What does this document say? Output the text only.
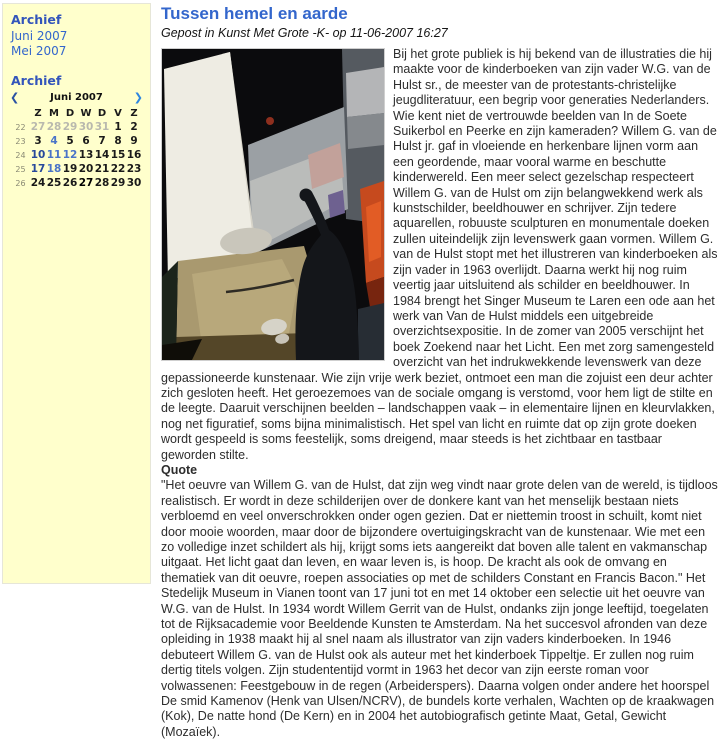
Archief
Juni 2007
Mei 2007
Archief
❮	Juni 2007	❯
Z M D W D V Z
22 27 28 29 30 31 1 2
23 3 4 5 6 7 8 9
24 10 11 12 13 14 15 16
25 17 18 19 20 21 22 23
26 24 25 26 27 28 29 30
Tussen hemel en aarde
Gepost in Kunst Met Grote -K- op 11-06-2007 16:27

Bij het grote publiek is hij bekend van de illustraties die hij maakte voor de kinderboeken van zijn vader W.G. van de Hulst sr., de meester van de protestants-christelijke jeugdliteratuur, een begrip voor generaties Nederlanders. Wie kent niet de vertrouwde beelden van In de Soete Suikerbol en Peerke en zijn kameraden? Willem G. van de Hulst jr. gaf in vloeiende en herkenbare lijnen vorm aan een geordende, maar vooral warme en beschutte kinderwereld. Een meer select gezelschap respecteert Willem G. van de Hulst om zijn belangwekkend werk als kunstschilder, beeldhouwer en schrijver. Zijn tedere aquarellen, robuuste sculpturen en monumentale doeken zullen uiteindelijk zijn levenswerk gaan vormen. Willem G. van de Hulst stopt met het illustreren van kinderboeken als zijn vader in 1963 overlijdt. Daarna werkt hij nog ruim veertig jaar uitsluitend als schilder en beeldhouwer. In 1984 brengt het Singer Museum te Laren een ode aan het werk van Van de Hulst middels een uitgebreide overzichtsexpositie. In de zomer van 2005 verschijnt het boek Zoekend naar het Licht. Een met zorg samengesteld overzicht van het indrukwekkende levenswerk van deze gepassioneerde kunstenaar. Wie zijn vrije werk beziet, ontmoet een man die zojuist een deur achter zich gesloten heeft. Het geroezemoes van de sociale omgang is verstomd, voor hem ligt de stilte en de leegte. Daaruit verschijnen beelden – landschappen vaak – in elementaire lijnen en kleurvlakken, nog net figuratief, soms bijna minimalistisch. Het spel van licht en ruimte dat op zijn grote doeken wordt gespeeld is soms feestelijk, soms dreigend, maar steeds is het zichtbaar en tastbaar geworden stilte.

Quote

"Het oeuvre van Willem G. van de Hulst, dat zijn weg vindt naar grote delen van de wereld, is tijdloos realistisch. Er wordt in deze schilderijen over de donkere kant van het menselijk bestaan niets verbloemd en veel onverschrokken onder ogen gezien. Dat er niettemin troost in schuilt, komt niet door mooie woorden, maar door de bijzondere overtuigingskracht van de kunstenaar. Wie met een zo volledige inzet schildert als hij, krijgt soms iets aangereikt dat boven alle talent en vakmanschap uitgaat. Het licht gaat dan leven, en waar leven is, is hoop. De kracht als ook de omvang en thematiek van dit oeuvre, roepen associaties op met de schilders Constant en Francis Bacon." Het Stedelijk Museum in Vianen toont van 17 juni tot en met 14 oktober een selectie uit het oeuvre van W.G. van de Hulst. In 1934 wordt Willem Gerrit van de Hulst, ondanks zijn jonge leeftijd, toegelaten tot de Rijksacademie voor Beeldende Kunsten te Amsterdam. Na het succesvol afronden van deze opleiding in 1938 maakt hij al snel naam als illustrator van zijn vaders kinderboeken. In 1946 debuteert Willem G. van de Hulst ook als auteur met het kinderboek Tippeltje. Er zullen nog ruim dertig titels volgen. Zijn studententijd vormt in 1963 het decor van zijn eerste roman voor volwassenen: Feestgebouw in de regen (Arbeiderspers). Daarna volgen onder andere het hoorspel De smid Kamenov (Henk van Ulsen/NCRV), de bundels korte verhalen, Wachten op de kraakwagen (Kok), De natte hond (De Kern) en in 2004 het autobiografisch getinte Maat, Getal, Gewicht (Mozaïek).
